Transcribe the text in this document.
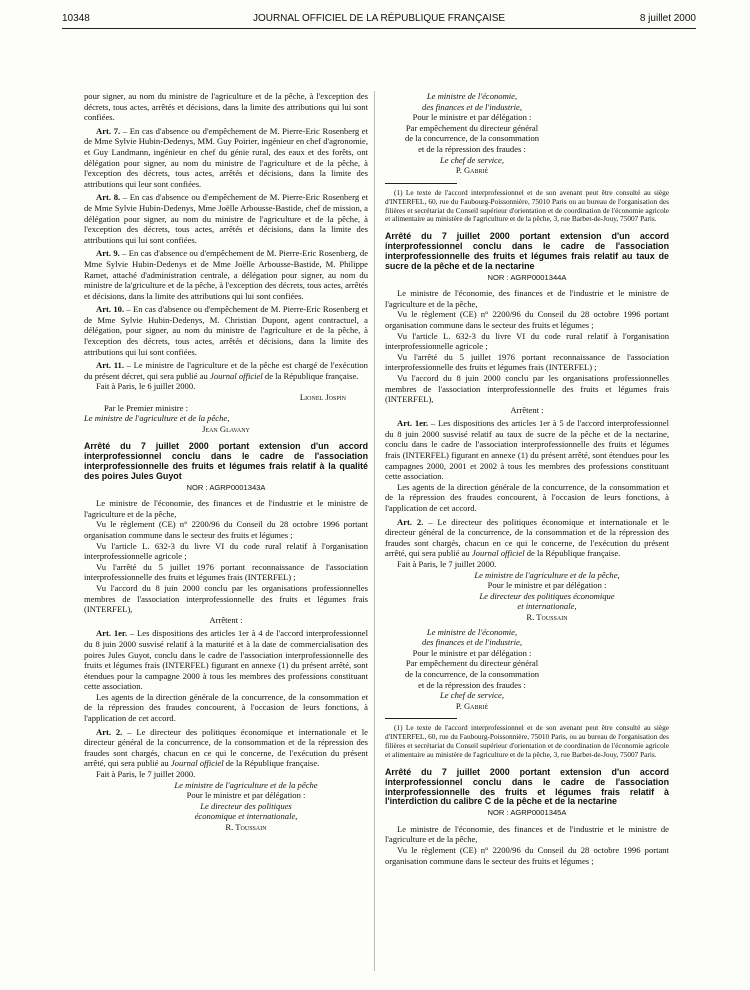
10348	JOURNAL OFFICIEL DE LA RÉPUBLIQUE FRANÇAISE	8 juillet 2000

pour signer, au nom du ministre de l'agriculture et de la pêche, à l'exception des décrets, tous actes, arrêtés et décisions, dans la limite des attributions qui lui sont confiées.

Art. 7. – En cas d'absence ou d'empêchement de M. Pierre-Eric Rosenberg et de Mme Sylvie Hubin-Dedenys, MM. Guy Poirier, ingénieur en chef d'agronomie, et Guy Landmann, ingénieur en chef du génie rural, des eaux et des forêts, ont délégation pour signer, au nom du ministre de l'agriculture et de la pêche, à l'exception des décrets, tous actes, arrêtés et décisions, dans la limite des attributions qui leur sont confiées.

Art. 8. – En cas d'absence ou d'empêchement de M. Pierre-Eric Rosenberg et de Mme Sylvie Hubin-Dedenys, Mme Joëlle Arbousse-Bastide, chef de mission, a délégation pour signer, au nom du ministre de l'agriculture et de la pêche, à l'exception des décrets, tous actes, arrêtés et décisions, dans la limite des attributions qui lui sont confiées.

Art. 9. – En cas d'absence ou d'empêchement de M. Pierre-Eric Rosenberg, de Mme Sylvie Hubin-Dedenys et de Mme Joëlle Arbousse-Bastide, M. Philippe Ramet, attaché d'administration centrale, a délégation pour signer, au nom du ministre de la'griculture et de la pêche, à l'exception des décrets, tous actes, arrêtés et décisions, dans la limite des attributions qui lui sont confiées.

Art. 10. – En cas d'absence ou d'empêchement de M. Pierre-Eric Rosenberg et de Mme Sylvie Hubin-Dedenys, M. Christian Dupont, agent contractuel, a délégation, pour signer, au nom du ministre de l'agriculture et de la pêche, à l'exception des décrets, tous actes, arrêtés et décisions, dans la limite des attributions qui lui sont confiées.

Art. 11. – Le ministre de l'agriculture et de la pêche est chargé de l'exécution du présent décret, qui sera publié au Journal officiel de la République française.

Fait à Paris, le 6 juillet 2000.

Lionel Jospin

Par le Premier ministre :

Le ministre de l'agriculture et de la pêche,

Jean Glavany

Arrêté du 7 juillet 2000 portant extension d'un accord interprofessionnel conclu dans le cadre de l'association interprofessionnelle des fruits et légumes frais relatif à la qualité des poires Jules Guyot

NOR : AGRP0001343A

Le ministre de l'économie, des finances et de l'industrie et le ministre de l'agriculture et de la pêche,

Vu le règlement (CE) n° 2200/96 du Conseil du 28 octobre 1996 portant organisation commune dans le secteur des fruits et légumes ;

Vu l'article L. 632-3 du livre VI du code rural relatif à l'organisation interprofessionnelle agricole ;

Vu l'arrêté du 5 juillet 1976 portant reconnaissance de l'association interprofessionnelle des fruits et légumes frais (INTERFEL) ;

Vu l'accord du 8 juin 2000 conclu par les organisations professionnelles membres de l'association interprofessionnelle des fruits et légumes frais (INTERFEL),

Arrêtent :

Art. 1er. – Les dispositions des articles 1er à 4 de l'accord interprofessionnel du 8 juin 2000 susvisé relatif à la maturité et à la date de commercialisation des poires Jules Guyot, conclu dans le cadre de l'association interprofessionnelle des fruits et légumes frais (INTERFEL) figurant en annexe (1) du présent arrêté, sont étendues pour la campagne 2000 à tous les membres des professions constituant cette association.

Les agents de la direction générale de la concurrence, de la consommation et de la répression des fraudes concourent, à l'occasion de leurs fonctions, à l'application de cet accord.

Art. 2. – Le directeur des politiques économique et internationale et le directeur général de la concurrence, de la consommation et de la répression des fraudes sont chargés, chacun en ce qui le concerne, de l'exécution du présent arrêté, qui sera publié au Journal officiel de la République française.

Fait à Paris, le 7 juillet 2000.

Le ministre de l'agriculture et de la pêche

Pour le ministre et par délégation :

Le directeur des politiques

économique et internationale,

R. Toussain

Le ministre de l'économie,

des finances et de l'industrie,

Pour le ministre et par délégation :

Par empêchement du directeur général

de la concurrence, de la consommation

et de la répression des fraudes :

Le chef de service,

P. Gabrié

(1) Le texte de l'accord interprofessionnel et de son avenant peut être consulté au siège d'INTERFEL, 60, rue du Faubourg-Poissonnière, 75010 Paris ou au bureau de l'organisation des filières et secrétariat du Conseil supérieur d'orientation et de coordination de l'économie agricole et alimentaire au ministère de l'agriculture et de la pêche, 3, rue Barbet-de-Jouy, 75007 Paris.

Arrêté du 7 juillet 2000 portant extension d'un accord interprofessionnel conclu dans le cadre de l'association interprofessionnelle des fruits et légumes frais relatif au taux de sucre de la pêche et de la nectarine

NOR : AGRP0001344A

Le ministre de l'économie, des finances et de l'industrie et le ministre de l'agriculture et de la pêche,

Vu le règlement (CE) n° 2200/96 du Conseil du 28 octobre 1996 portant organisation commune dans le secteur des fruits et légumes ;

Vu l'article L. 632-3 du livre VI du code rural relatif à l'organisation interprofessionnelle agricole ;

Vu l'arrêté du 5 juillet 1976 portant reconnaissance de l'association interprofessionnelle des fruits et légumes frais (INTERFEL) ;

Vu l'accord du 8 juin 2000 conclu par les organisations professionnelles membres de l'association interprofessionnelle des fruits et légumes frais (INTERFEL),

Arrêtent :

Art. 1er. – Les dispositions des articles 1er à 5 de l'accord interprofessionnel du 8 juin 2000 susvisé relatif au taux de sucre de la pêche et de la nectarine, conclu dans le cadre de l'association interprofessionnelle des fruits et légumes frais (INTERFEL) figurant en annexe (1) du présent arrêté, sont étendues pour les campagnes 2000, 2001 et 2002 à tous les membres des professions constituant cette association.

Les agents de la direction générale de la concurrence, de la consommation et de la répression des fraudes concourent, à l'occasion de leurs fonctions, à l'application de cet accord.

Art. 2. – Le directeur des politiques économique et internationale et le directeur général de la concurrence, de la consommation et de la répression des fraudes sont chargés, chacun en ce qui le concerne, de l'exécution du présent arrêté, qui sera publié au Journal officiel de la République française.

Fait à Paris, le 7 juillet 2000.

Le ministre de l'agriculture et de la pêche,

Pour le ministre et par délégation :

Le directeur des politiques économique

et internationale,

R. Toussain

Le ministre de l'économie,

des finances et de l'industrie,

Pour le ministre et par délégation :

Par empêchement du directeur général

de la concurrence, de la consommation

et de la répression des fraudes :

Le chef de service,

P. Gabrié

(1) Le texte de l'accord interprofessionnel et de son avenant peut être consulté au siège d'INTERFEL, 60, rue du Faubourg-Poissonnière, 75010 Paris, ou au bureau de l'organisation des filières et secrétariat du Conseil supérieur d'orientation et de coordination de l'économie agricole et alimentaire au ministère de l'agriculture et de la pêche, 3, rue Barbet-de-Jouy, 75007 Paris.

Arrêté du 7 juillet 2000 portant extension d'un accord interprofessionnel conclu dans le cadre de l'association interprofessionnelle des fruits et légumes frais relatif à l'interdiction du calibre C de la pêche et de la nectarine

NOR : AGRP0001345A

Le ministre de l'économie, des finances et de l'industrie et le ministre de l'agriculture et de la pêche,

Vu le règlement (CE) n° 2200/96 du Conseil du 28 octobre 1996 portant organisation commune dans le secteur des fruits et légumes ;
